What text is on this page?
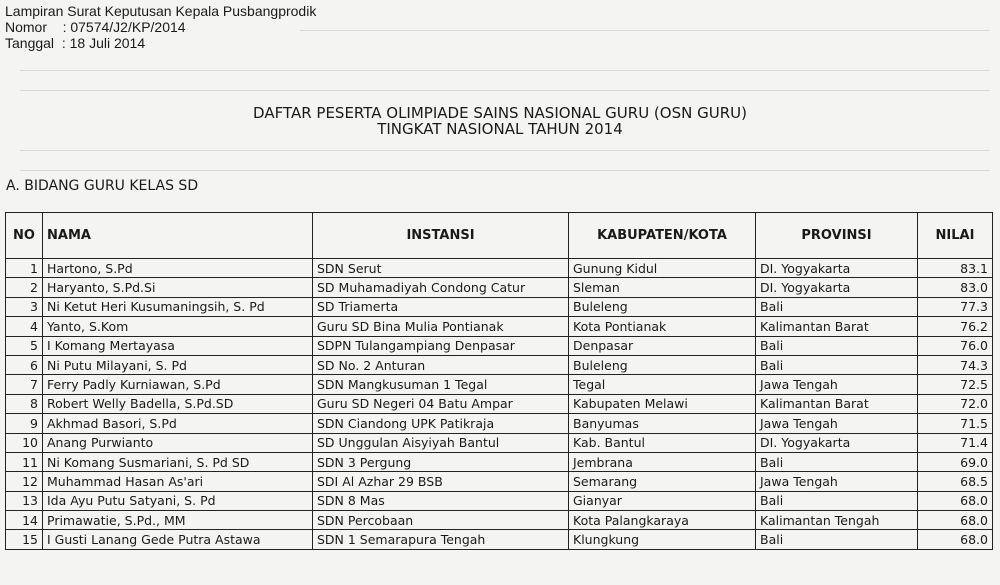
Lampiran Surat Keputusan Kepala Pusbangprodik
Nomor    : 07574/J2/KP/2014
Tanggal  : 18 Juli 2014
DAFTAR PESERTA OLIMPIADE SAINS NASIONAL GURU (OSN GURU)
TINGKAT NASIONAL TAHUN 2014
A. BIDANG GURU KELAS SD
NO	NAMA	INSTANSI	KABUPATEN/KOTA	PROVINSI	NILAI
1	Hartono, S.Pd	SDN Serut	Gunung Kidul	DI. Yogyakarta	83.1
2	Haryanto, S.Pd.Si	SD Muhamadiyah Condong Catur	Sleman	DI. Yogyakarta	83.0
3	Ni Ketut Heri Kusumaningsih, S. Pd	SD Triamerta	Buleleng	Bali	77.3
4	Yanto, S.Kom	Guru SD Bina Mulia Pontianak	Kota Pontianak	Kalimantan Barat	76.2
5	I Komang Mertayasa	SDPN Tulangampiang Denpasar	Denpasar	Bali	76.0
6	Ni Putu Milayani, S. Pd	SD No. 2 Anturan	Buleleng	Bali	74.3
7	Ferry Padly Kurniawan, S.Pd	SDN Mangkusuman 1 Tegal	Tegal	Jawa Tengah	72.5
8	Robert Welly Badella, S.Pd.SD	Guru SD Negeri 04 Batu Ampar	Kabupaten Melawi	Kalimantan Barat	72.0
9	Akhmad Basori, S.Pd	SDN Ciandong UPK Patikraja	Banyumas	Jawa Tengah	71.5
10	Anang Purwianto	SD Unggulan Aisyiyah Bantul	Kab. Bantul	DI. Yogyakarta	71.4
11	Ni Komang Susmariani, S. Pd SD	SDN 3 Pergung	Jembrana	Bali	69.0
12	Muhammad Hasan As'ari	SDI Al Azhar 29 BSB	Semarang	Jawa Tengah	68.5
13	Ida Ayu Putu Satyani, S. Pd	SDN 8 Mas	Gianyar	Bali	68.0
14	Primawatie, S.Pd., MM	SDN Percobaan	Kota Palangkaraya	Kalimantan Tengah	68.0
15	I Gusti Lanang Gede Putra Astawa	SDN 1 Semarapura Tengah	Klungkung	Bali	68.0
